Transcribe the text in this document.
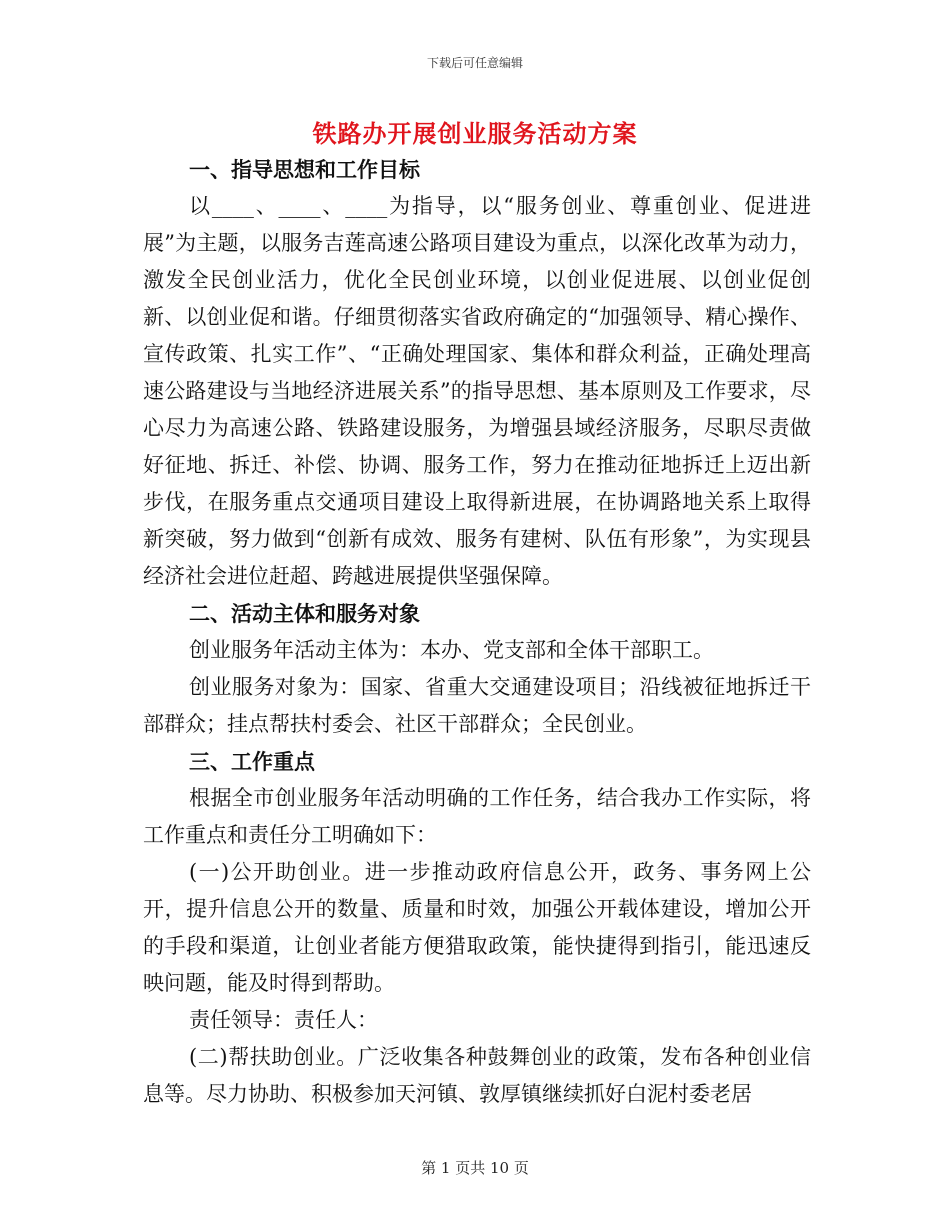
下载后可任意编辑
铁路办开展创业服务活动方案
一、指导思想和工作目标

以____、____、____为指导，以“服务创业、尊重创业、促进进展”为主题，以服务吉莲高速公路项目建设为重点，以深化改革为动力，激发全民创业活力，优化全民创业环境，以创业促进展、以创业促创新、以创业促和谐。仔细贯彻落实省政府确定的“加强领导、精心操作、宣传政策、扎实工作”、“正确处理国家、集体和群众利益，正确处理高速公路建设与当地经济进展关系”的指导思想、基本原则及工作要求，尽心尽力为高速公路、铁路建设服务，为增强县域经济服务，尽职尽责做好征地、拆迁、补偿、协调、服务工作，努力在推动征地拆迁上迈出新步伐，在服务重点交通项目建设上取得新进展，在协调路地关系上取得新突破，努力做到“创新有成效、服务有建树、队伍有形象”，为实现县经济社会进位赶超、跨越进展提供坚强保障。

二、活动主体和服务对象

创业服务年活动主体为：本办、党支部和全体干部职工。

创业服务对象为：国家、省重大交通建设项目；沿线被征地拆迁干部群众；挂点帮扶村委会、社区干部群众；全民创业。

三、工作重点

根据全市创业服务年活动明确的工作任务，结合我办工作实际，将工作重点和责任分工明确如下：

(一)公开助创业。进一步推动政府信息公开，政务、事务网上公开，提升信息公开的数量、质量和时效，加强公开载体建设，增加公开的手段和渠道，让创业者能方便猎取政策，能快捷得到指引，能迅速反映问题，能及时得到帮助。

责任领导：责任人：

(二)帮扶助创业。广泛收集各种鼓舞创业的政策，发布各种创业信息等。尽力协助、积极参加天河镇、敦厚镇继续抓好白泥村委老居

第 1 页共 10 页
